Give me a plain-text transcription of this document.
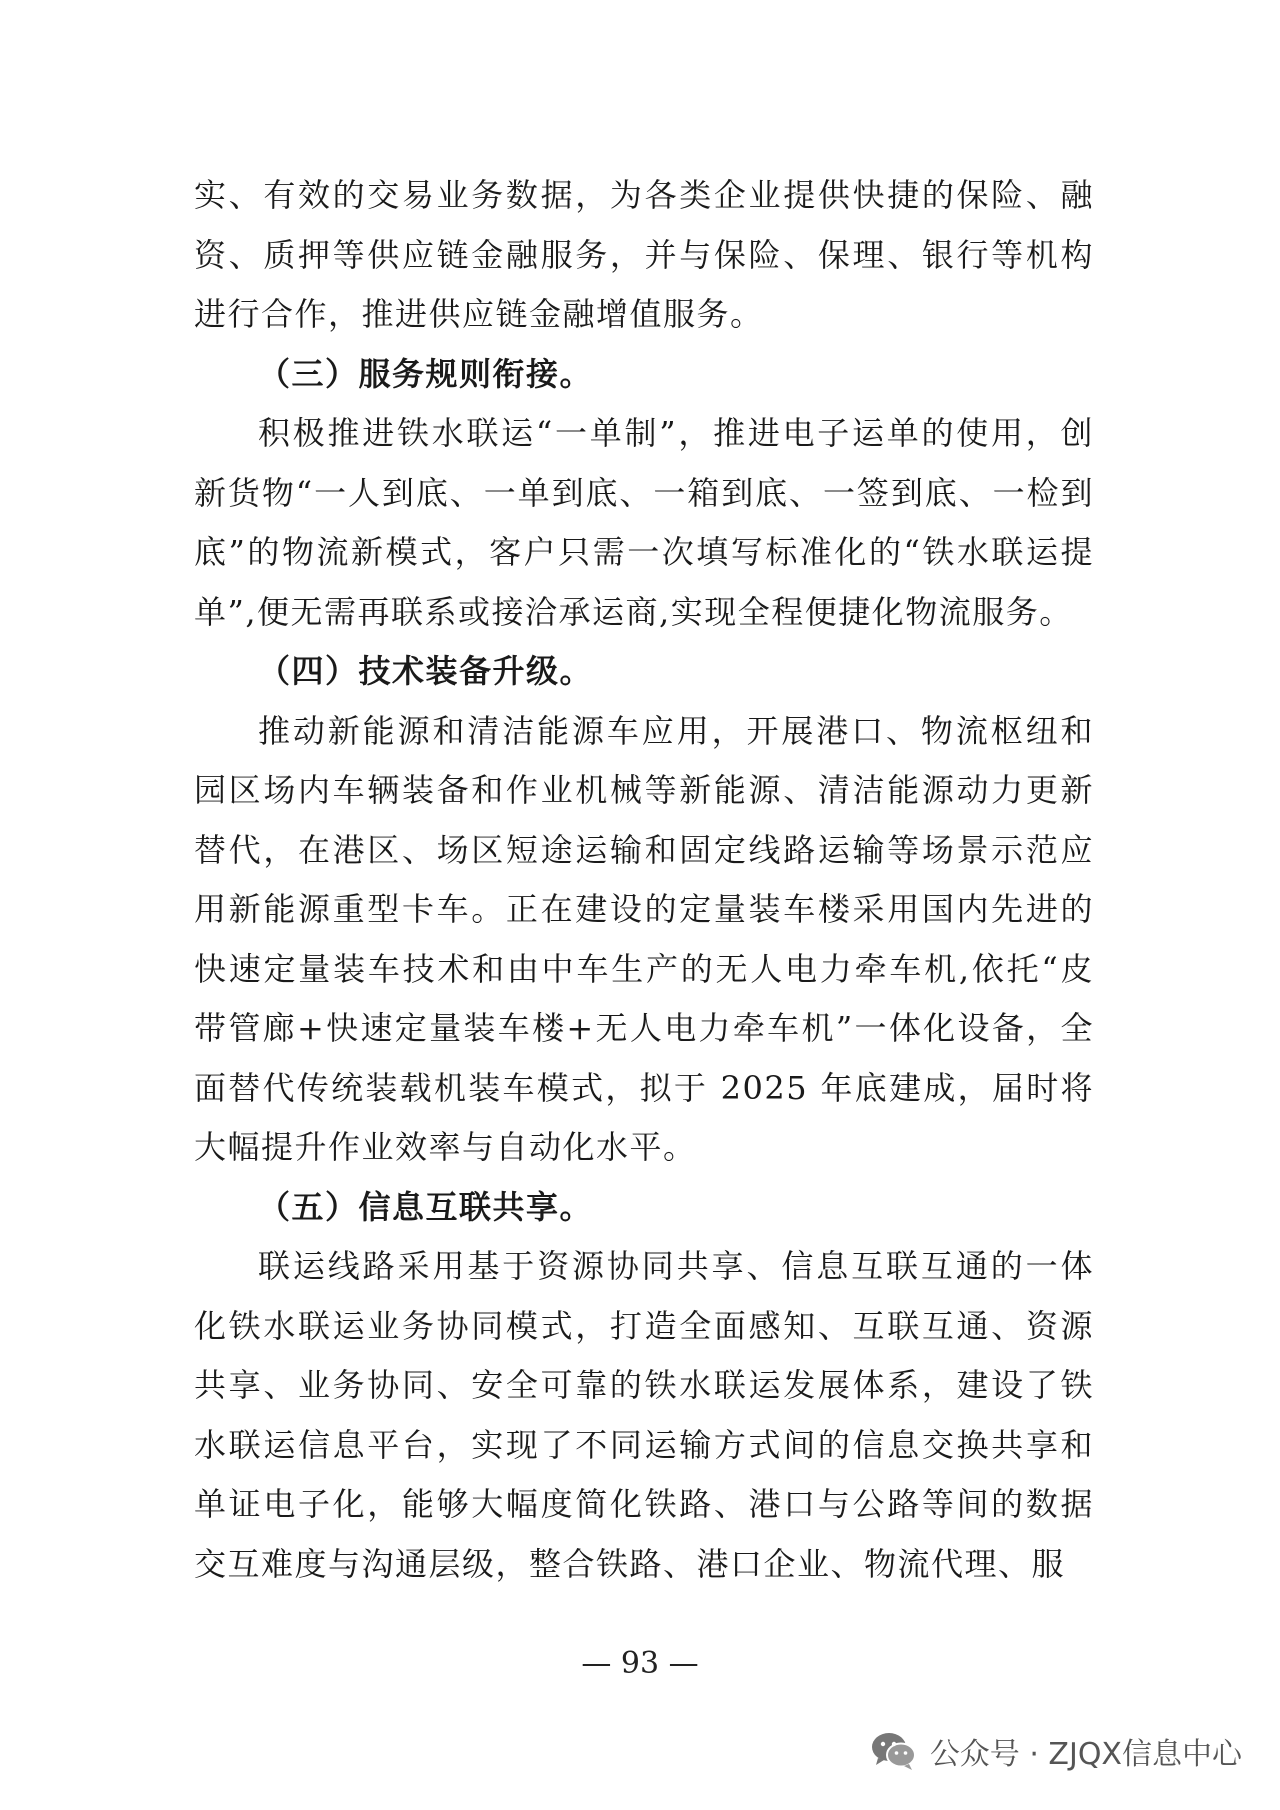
实、有效的交易业务数据，为各类企业提供快捷的保险、融资、质押等供应链金融服务，并与保险、保理、银行等机构进行合作，推进供应链金融增值服务。

（三）服务规则衔接。

积极推进铁水联运“一单制”，推进电子运单的使用，创新货物“一人到底、一单到底、一箱到底、一签到底、一检到底”的物流新模式，客户只需一次填写标准化的“铁水联运提单”,便无需再联系或接洽承运商,实现全程便捷化物流服务。

（四）技术装备升级。

推动新能源和清洁能源车应用，开展港口、物流枢纽和园区场内车辆装备和作业机械等新能源、清洁能源动力更新替代，在港区、场区短途运输和固定线路运输等场景示范应用新能源重型卡车。正在建设的定量装车楼采用国内先进的快速定量装车技术和由中车生产的无人电力牵车机,依托“皮带管廊+快速定量装车楼+无人电力牵车机”一体化设备，全面替代传统装载机装车模式，拟于 2025 年底建成，届时将大幅提升作业效率与自动化水平。

（五）信息互联共享。

联运线路采用基于资源协同共享、信息互联互通的一体化铁水联运业务协同模式，打造全面感知、互联互通、资源共享、业务协同、安全可靠的铁水联运发展体系，建设了铁水联运信息平台，实现了不同运输方式间的信息交换共享和单证电子化，能够大幅度简化铁路、港口与公路等间的数据交互难度与沟通层级，整合铁路、港口企业、物流代理、服

— 93 —
公众号 · ZJQX信息中心
